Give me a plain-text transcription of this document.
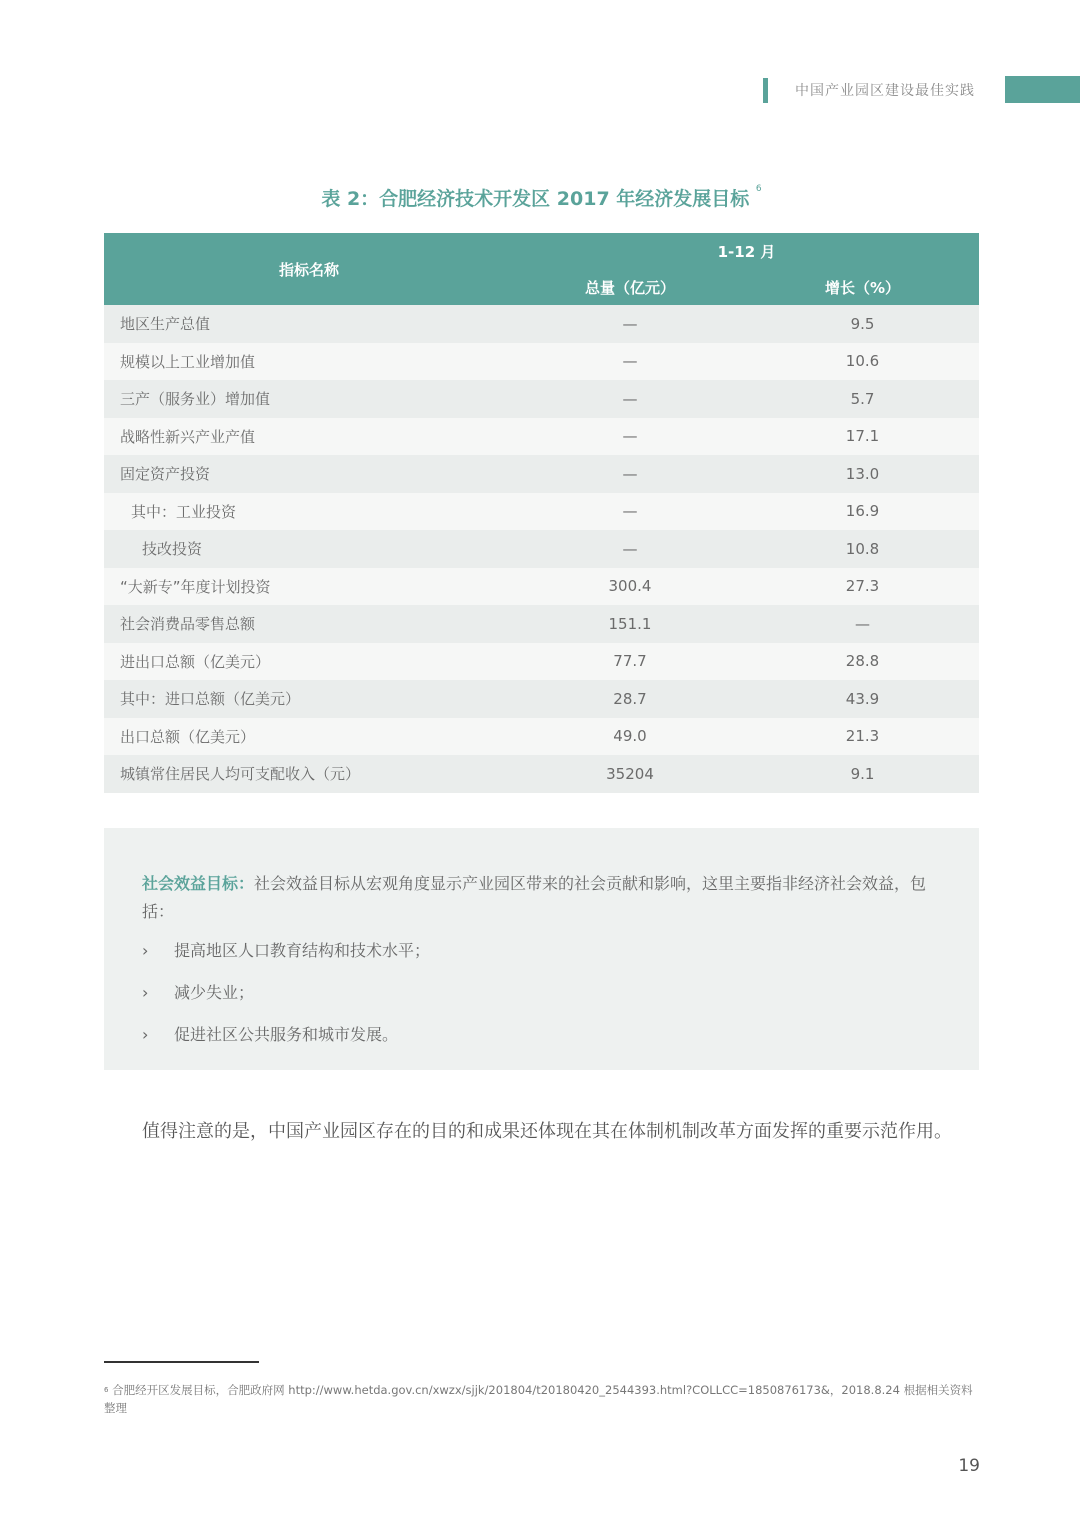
中国产业园区建设最佳实践
表 2：合肥经济技术开发区 2017 年经济发展目标 $^6$
指标名称	1-12 月	
	总量（亿元）	增长（%）
地区生产总值	—	9.5
规模以上工业增加值	—	10.6
三产（服务业）增加值	—	5.7
战略性新兴产业产值	—	17.1
固定资产投资	—	13.0
其中：工业投资	—	16.9
技改投资	—	10.8
“大新专”年度计划投资	300.4	27.3
社会消费品零售总额	151.1	—
进出口总额（亿美元）	77.7	28.8
其中：进口总额（亿美元）	28.7	43.9
出口总额（亿美元）	49.0	21.3
城镇常住居民人均可支配收入（元）	35204	9.1
社会效益目标：社会效益目标从宏观角度显示产业园区带来的社会贡献和影响，这里主要指非经济社会效益，包括：
› 提高地区人口教育结构和技术水平；
› 减少失业；
› 促进社区公共服务和城市发展。
值得注意的是，中国产业园区存在的目的和成果还体现在其在体制机制改革方面发挥的重要示范作用。
$^6$ 合肥经开区发展目标，合肥政府网 http://www.hetda.gov.cn/xwzx/sjjk/201804/t20180420_2544393.html?COLLCC=1850876173&，2018.8.24 根据相关资料整理
19
